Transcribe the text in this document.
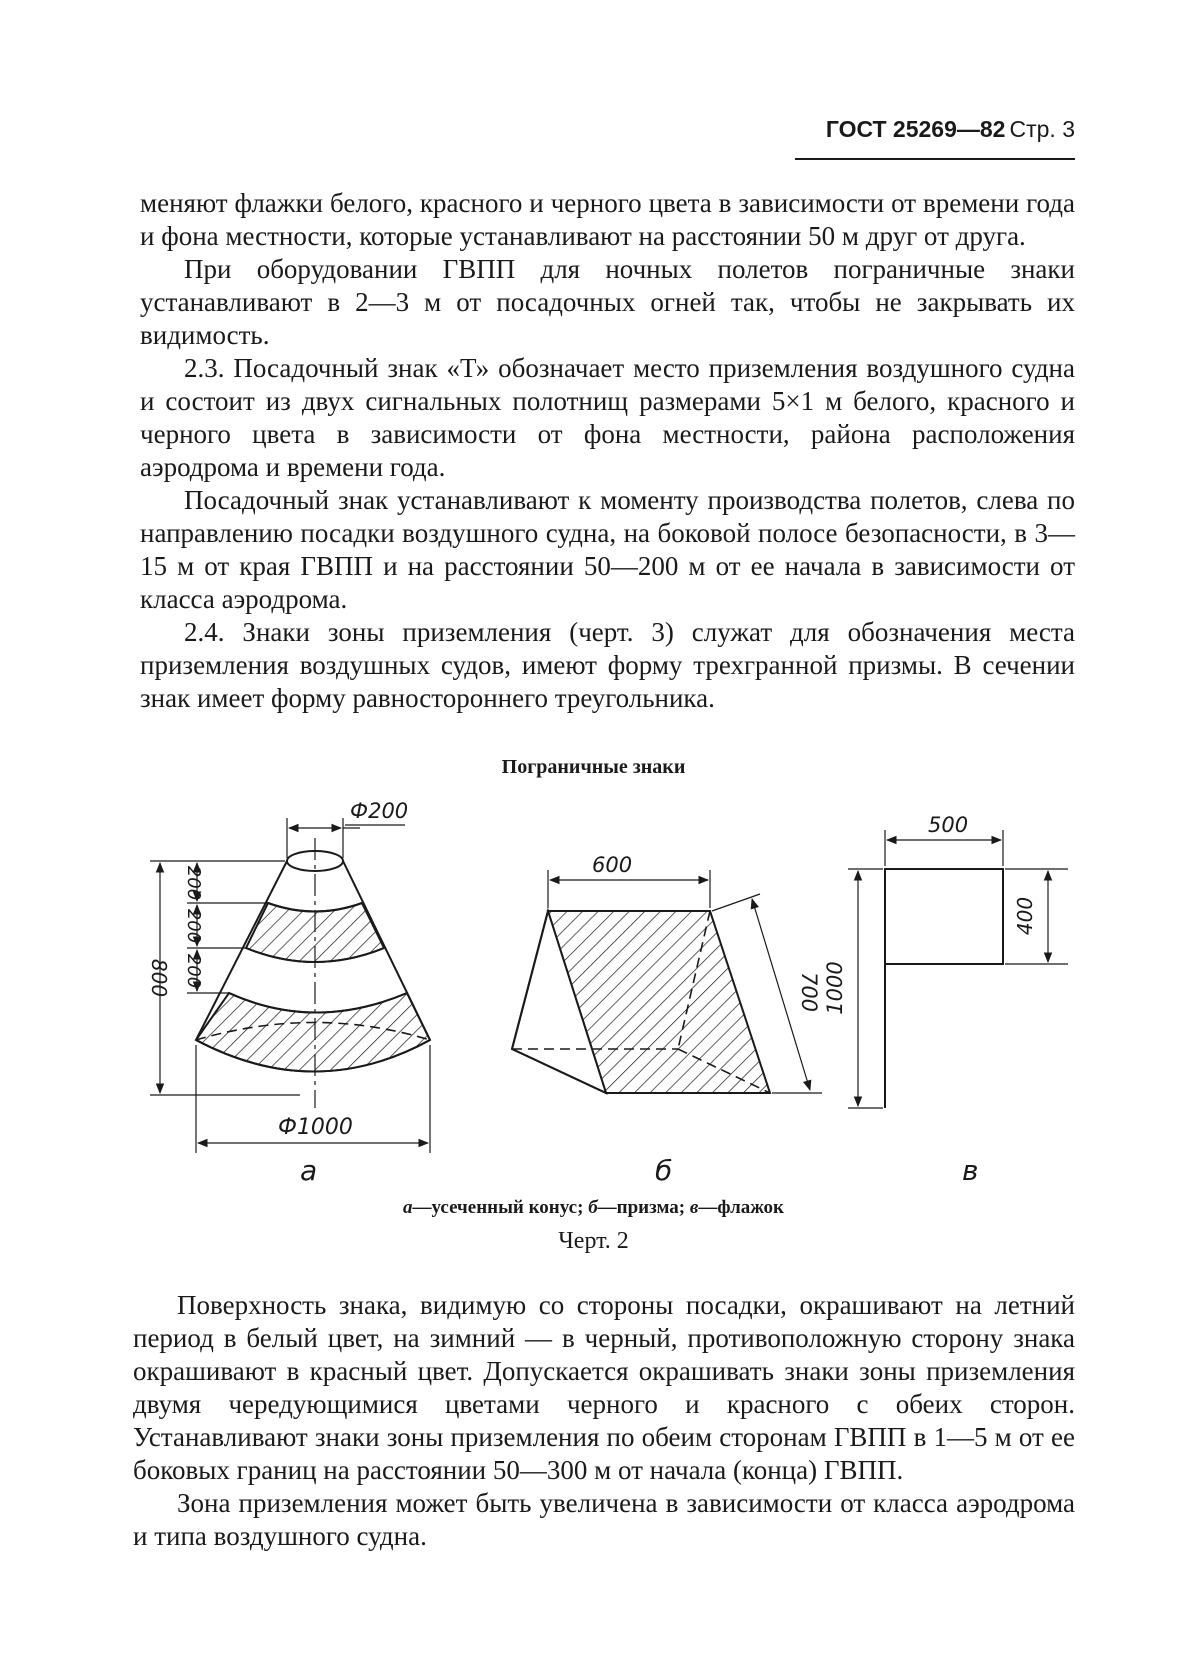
ГОСТ 25269—82 Стр. 3

меняют флажки белого, красного и черного цвета в зависимости от времени года и фона местности, которые устанавливают на расстоянии 50 м друг от друга.

При оборудовании ГВПП для ночных полетов пограничные знаки устанавливают в 2—3 м от посадочных огней так, чтобы не закрывать их видимость.

2.3. Посадочный знак «Т» обозначает место приземления воздушного судна и состоит из двух сигнальных полотнищ размерами 5×1 м белого, красного и черного цвета в зависимости от фона местности, района расположения аэродрома и времени года.

Посадочный знак устанавливают к моменту производства полетов, слева по направлению посадки воздушного судна, на боковой полосе безопасности, в 3—15 м от края ГВПП и на расстоянии 50—200 м от ее начала в зависимости от класса аэродрома.

2.4. Знаки зоны приземления (черт. 3) служат для обозначения места приземления воздушных судов, имеют форму трехгранной призмы. В сечении знак имеет форму равностороннего треугольника.

Пограничные знаки
Ф200
Ф1000
800
200
200
200
а
600
700
б
500
400
1000
в
а—усеченный конус; б—призма; в—флажок
Черт. 2

Поверхность знака, видимую со стороны посадки, окрашивают на летний период в белый цвет, на зимний — в черный, противоположную сторону знака окрашивают в красный цвет. Допускается окрашивать знаки зоны приземления двумя чередующимися цветами черного и красного с обеих сторон. Устанавливают знаки зоны приземления по обеим сторонам ГВПП в 1—5 м от ее боковых границ на расстоянии 50—300 м от начала (конца) ГВПП.

Зона приземления может быть увеличена в зависимости от класса аэродрома и типа воздушного судна.
